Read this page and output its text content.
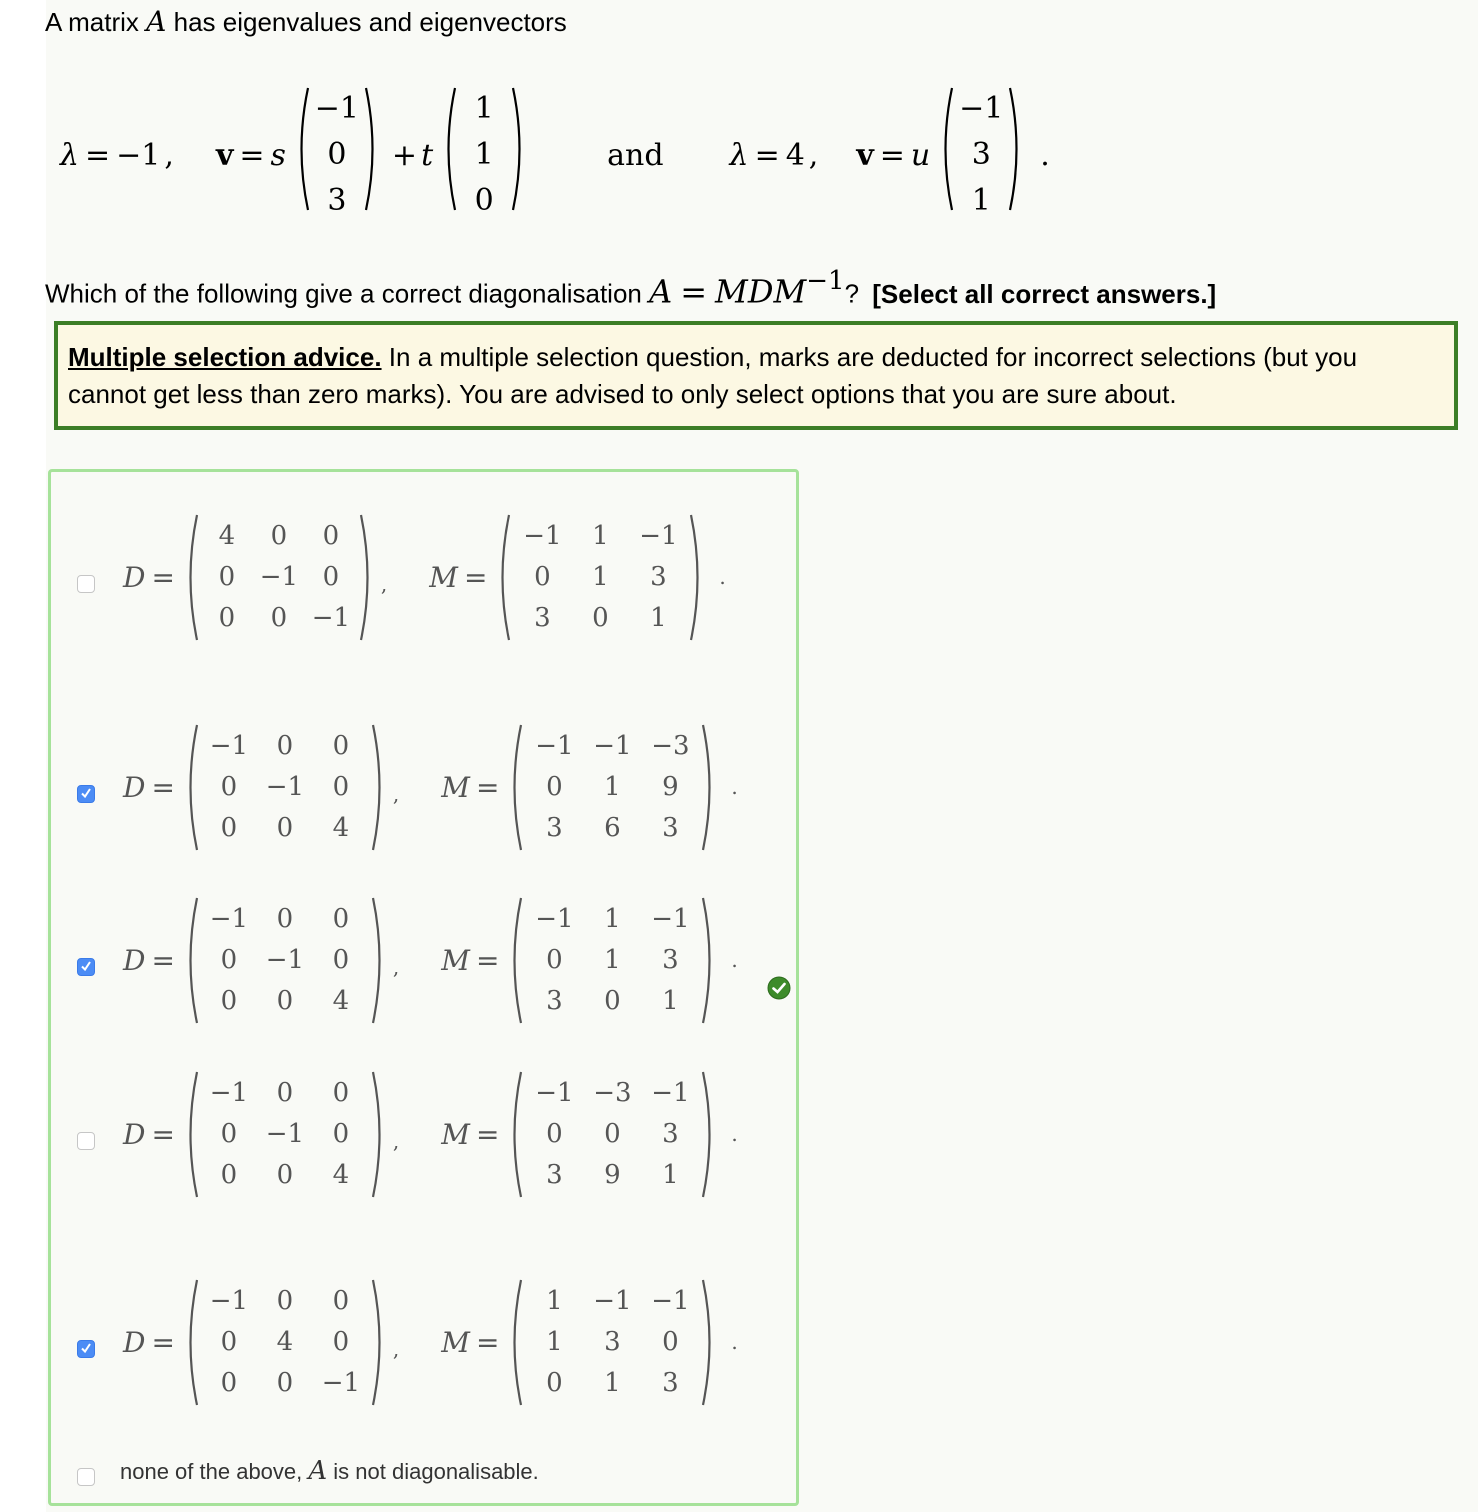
A matrix A has eigenvalues and eigenvectors
λ = −1 , v = s
−1
0
3
+ t
1
1
0
and λ = 4 , v = u
−1
3
1
.
Which of the following give a correct diagonalisation $A = MDM^{-1}$? [Select all correct answers.]
Multiple selection advice. In a multiple selection question, marks are deducted for incorrect selections (but you cannot get less than zero marks). You are advised to only select options that you are sure about.
D =
4	0	0
0 −1 0
0	0 −1
, M =
−1	1	−1
0	1	3
3	0	1
.
D =
−1	0	0
0	−1	0
0	0	4
, M =
−1 −1 −3
0	1	9
3	6	3
.
D =
−1	0	0
0	−1	0
0	0	4
, M =
−1	1	−1
0	1	3
3	0	1
.
D =
−1	0	0
0	−1	0
0	0	4
, M =
−1 −3 −1
0	0	3
3	9	1
.
D =
−1	0	0
0	4	0
0	0	−1
, M =
1	−1 −1
1	3	0
0	1	3
.
none of the above, A is not diagonalisable.
